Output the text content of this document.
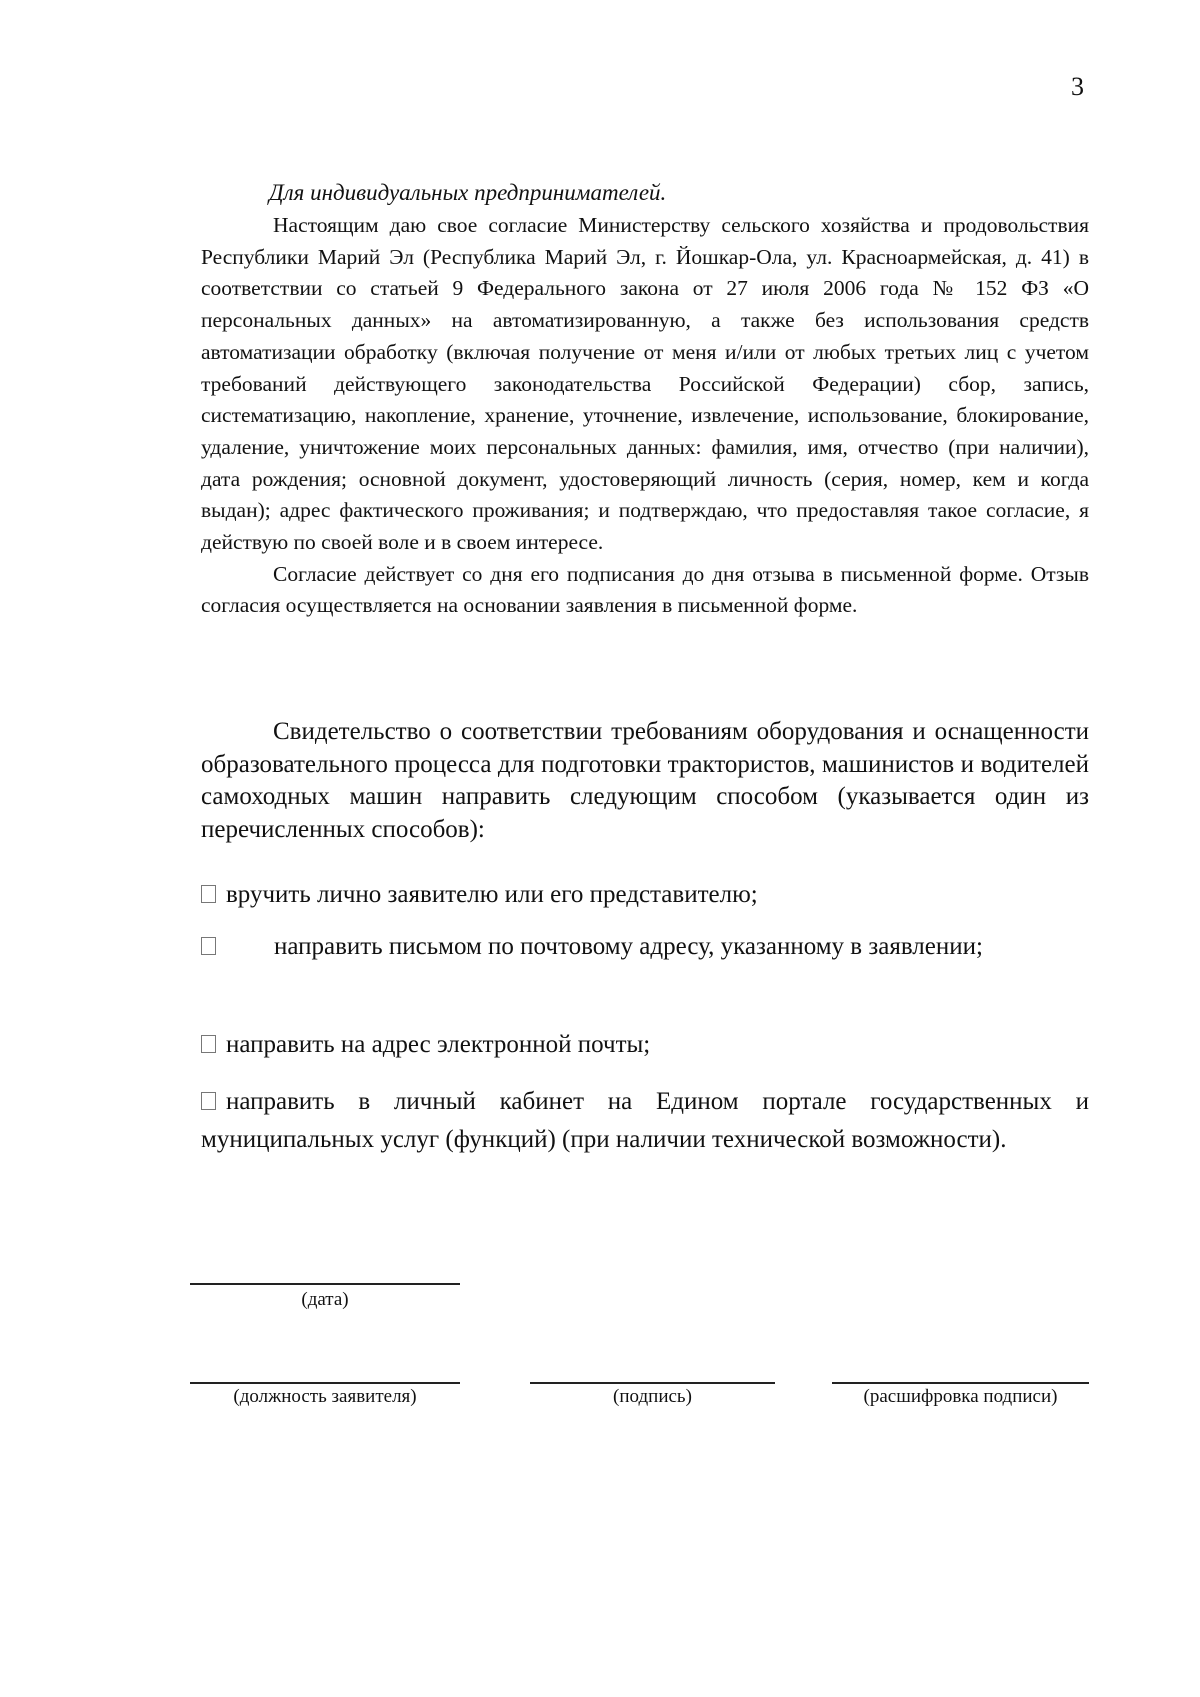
3

Для индивидуальных предпринимателей.

Настоящим даю свое согласие Министерству сельского хозяйства и продовольствия Республики Марий Эл (Республика Марий Эл, г. Йошкар-Ола, ул. Красноармейская, д. 41) в соответствии со статьей 9 Федерального закона от 27 июля 2006 года № 152 ФЗ «О персональных данных» на автоматизированную, а также без использования средств автоматизации обработку (включая получение от меня и/или от любых третьих лиц с учетом требований действующего законодательства Российской Федерации) сбор, запись, систематизацию, накопление, хранение, уточнение, извлечение, использование, блокирование, удаление, уничтожение моих персональных данных: фамилия, имя, отчество (при наличии), дата рождения; основной документ, удостоверяющий личность (серия, номер, кем и когда выдан); адрес фактического проживания; и подтверждаю, что предоставляя такое согласие, я действую по своей воле и в своем интересе.

Согласие действует со дня его подписания до дня отзыва в письменной форме. Отзыв согласия осуществляется на основании заявления в письменной форме.

Свидетельство о соответствии требованиям оборудования и оснащенности образовательного процесса для подготовки трактористов, машинистов и водителей самоходных машин направить следующим способом (указывается один из перечисленных способов):

вручить лично заявителю или его представителю;

направить письмом по почтовому адресу, указанному в заявлении;

направить на адрес электронной почты;

направить в личный кабинет на Едином портале государственных и муниципальных услуг (функций) (при наличии технической возможности).

(дата)
(должность заявителя)	(подпись)	(расшифровка подписи)
